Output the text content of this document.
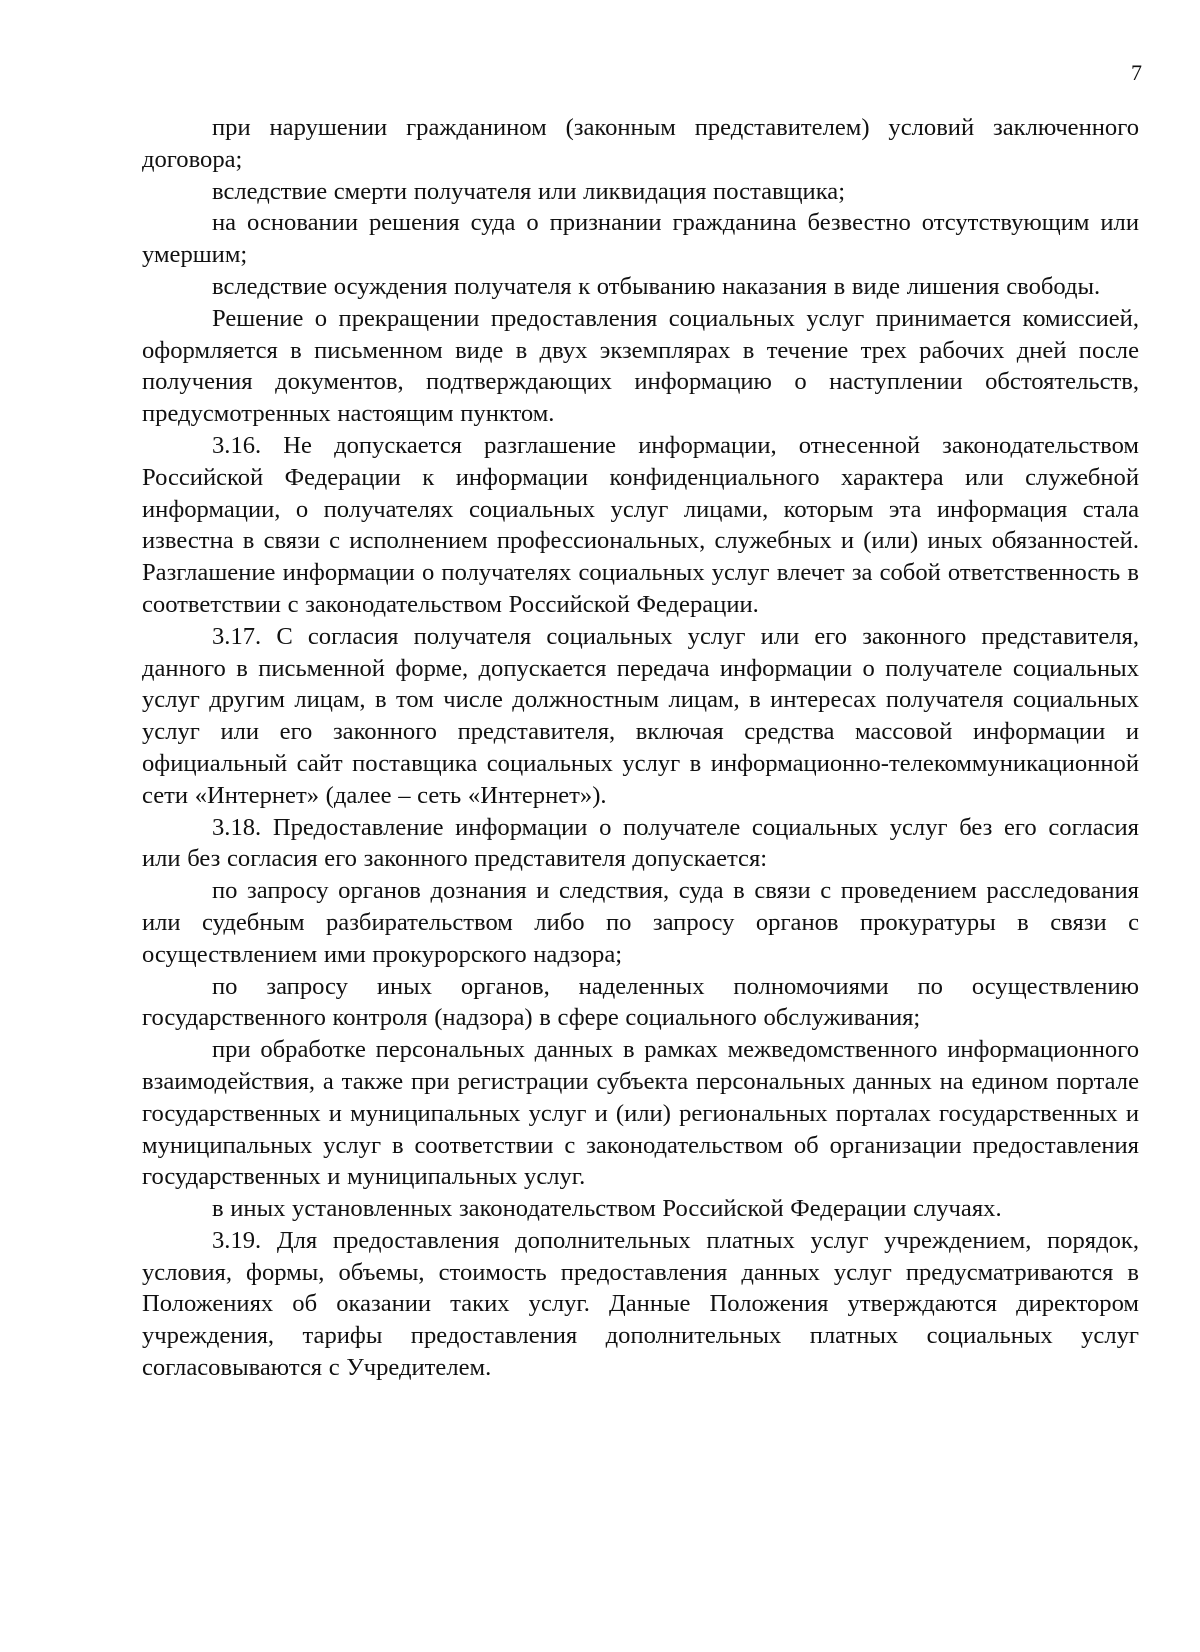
7

при нарушении гражданином (законным представителем) условий заключенного договора;

вследствие смерти получателя или ликвидация поставщика;

на основании решения суда о признании гражданина безвестно отсутствующим или умершим;

вследствие осуждения получателя к отбыванию наказания в виде лишения свободы.

Решение о прекращении предоставления социальных услуг принимается комиссией, оформляется в письменном виде в двух экземплярах в течение трех рабочих дней после получения документов, подтверждающих информацию о наступлении обстоятельств, предусмотренных настоящим пунктом.

3.16. Не допускается разглашение информации, отнесенной законодательством Российской Федерации к информации конфиденциального характера или служебной информации, о получателях социальных услуг лицами, которым эта информация стала известна в связи с исполнением профессиональных, служебных и (или) иных обязанностей. Разглашение информации о получателях социальных услуг влечет за собой ответственность в соответствии с законодательством Российской Федерации.

3.17. С согласия получателя социальных услуг или его законного представителя, данного в письменной форме, допускается передача информации о получателе социальных услуг другим лицам, в том числе должностным лицам, в интересах получателя социальных услуг или его законного представителя, включая средства массовой информации и официальный сайт поставщика социальных услуг в информационно-телекоммуникационной сети «Интернет» (далее – сеть «Интернет»).

3.18. Предоставление информации о получателе социальных услуг без его согласия или без согласия его законного представителя допускается:

по запросу органов дознания и следствия, суда в связи с проведением расследования или судебным разбирательством либо по запросу органов прокуратуры в связи с осуществлением ими прокурорского надзора;

по запросу иных органов, наделенных полномочиями по осуществлению государственного контроля (надзора) в сфере социального обслуживания;

при обработке персональных данных в рамках межведомственного информационного взаимодействия, а также при регистрации субъекта персональных данных на едином портале государственных и муниципальных услуг и (или) региональных порталах государственных и муниципальных услуг в соответствии с законодательством об организации предоставления государственных и муниципальных услуг.

в иных установленных законодательством Российской Федерации случаях.

3.19. Для предоставления дополнительных платных услуг учреждением, порядок, условия, формы, объемы, стоимость предоставления данных услуг предусматриваются в Положениях об оказании таких услуг. Данные Положения утверждаются директором учреждения, тарифы предоставления дополнительных платных социальных услуг согласовываются с Учредителем.
